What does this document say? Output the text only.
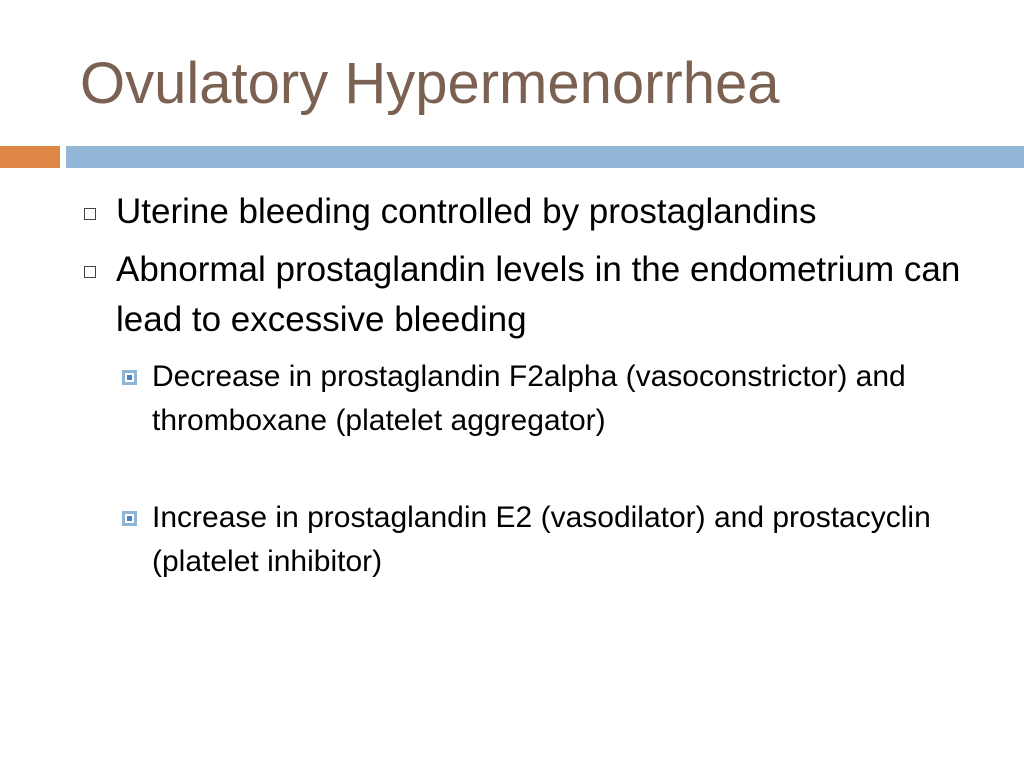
Ovulatory Hypermenorrhea
Uterine bleeding controlled by prostaglandins
Abnormal prostaglandin levels in the endometrium can lead to excessive bleeding
Decrease in prostaglandin F2alpha (vasoconstrictor) and thromboxane (platelet aggregator)
Increase in prostaglandin E2 (vasodilator) and prostacyclin (platelet inhibitor)
